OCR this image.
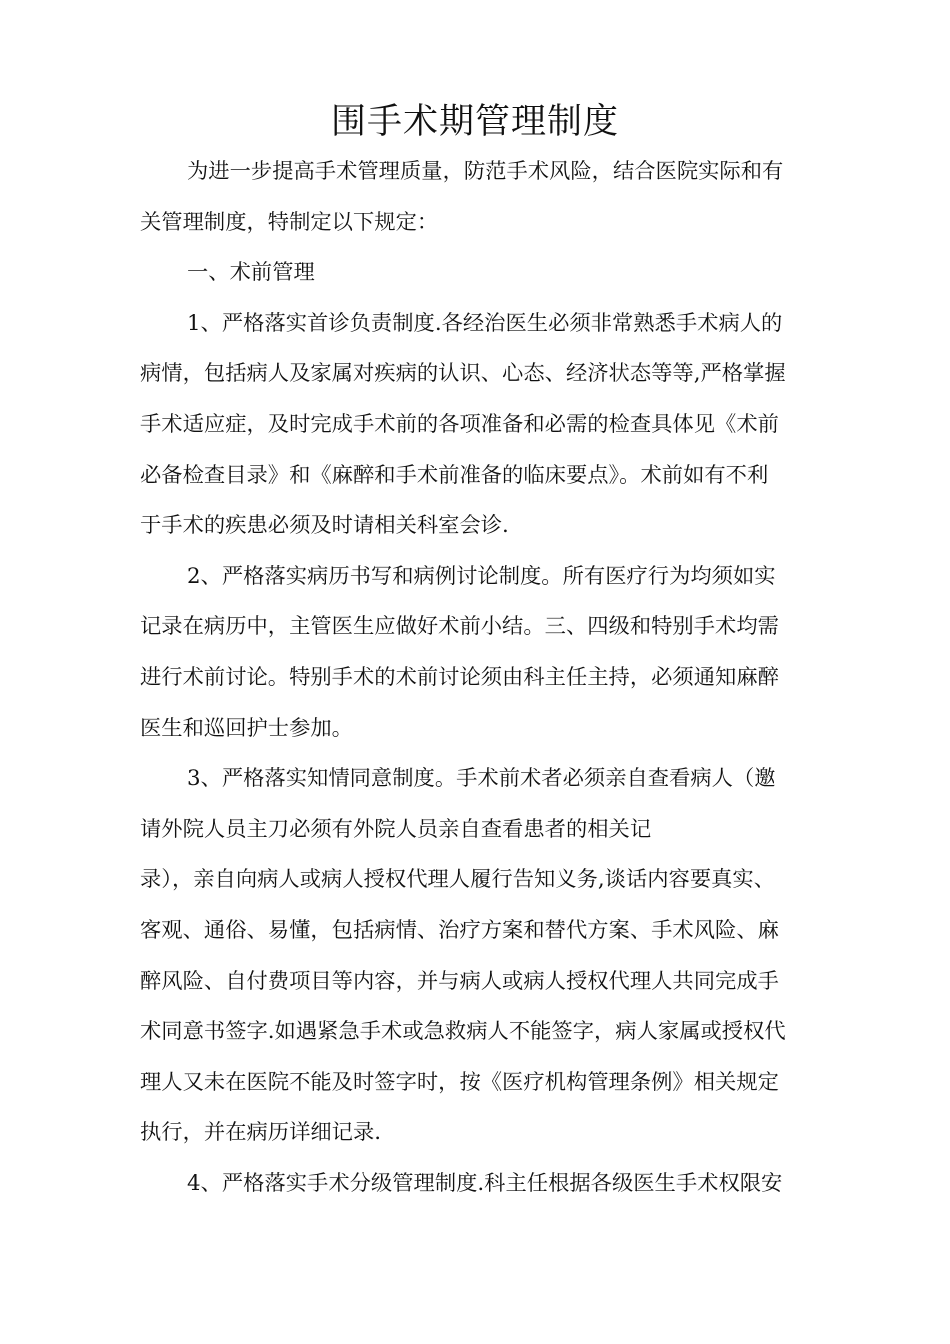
围手术期管理制度
为进一步提高手术管理质量，防范手术风险，结合医院实际和有
关管理制度，特制定以下规定：
一、术前管理
1、严格落实首诊负责制度.各经治医生必须非常熟悉手术病人的
病情，包括病人及家属对疾病的认识、心态、经济状态等等,严格掌握
手术适应症，及时完成手术前的各项准备和必需的检查具体见《术前
必备检查目录》和《麻醉和手术前准备的临床要点》。术前如有不利
于手术的疾患必须及时请相关科室会诊.
2、严格落实病历书写和病例讨论制度。所有医疗行为均须如实
记录在病历中，主管医生应做好术前小结。三、四级和特别手术均需
进行术前讨论。特别手术的术前讨论须由科主任主持，必须通知麻醉
医生和巡回护士参加。
3、严格落实知情同意制度。手术前术者必须亲自查看病人（邀
请外院人员主刀必须有外院人员亲自查看患者的相关记
录），亲自向病人或病人授权代理人履行告知义务,谈话内容要真实、
客观、通俗、易懂，包括病情、治疗方案和替代方案、手术风险、麻
醉风险、自付费项目等内容，并与病人或病人授权代理人共同完成手
术同意书签字.如遇紧急手术或急救病人不能签字，病人家属或授权代
理人又未在医院不能及时签字时，按《医疗机构管理条例》相关规定
执行，并在病历详细记录.
4、严格落实手术分级管理制度.科主任根据各级医生手术权限安
